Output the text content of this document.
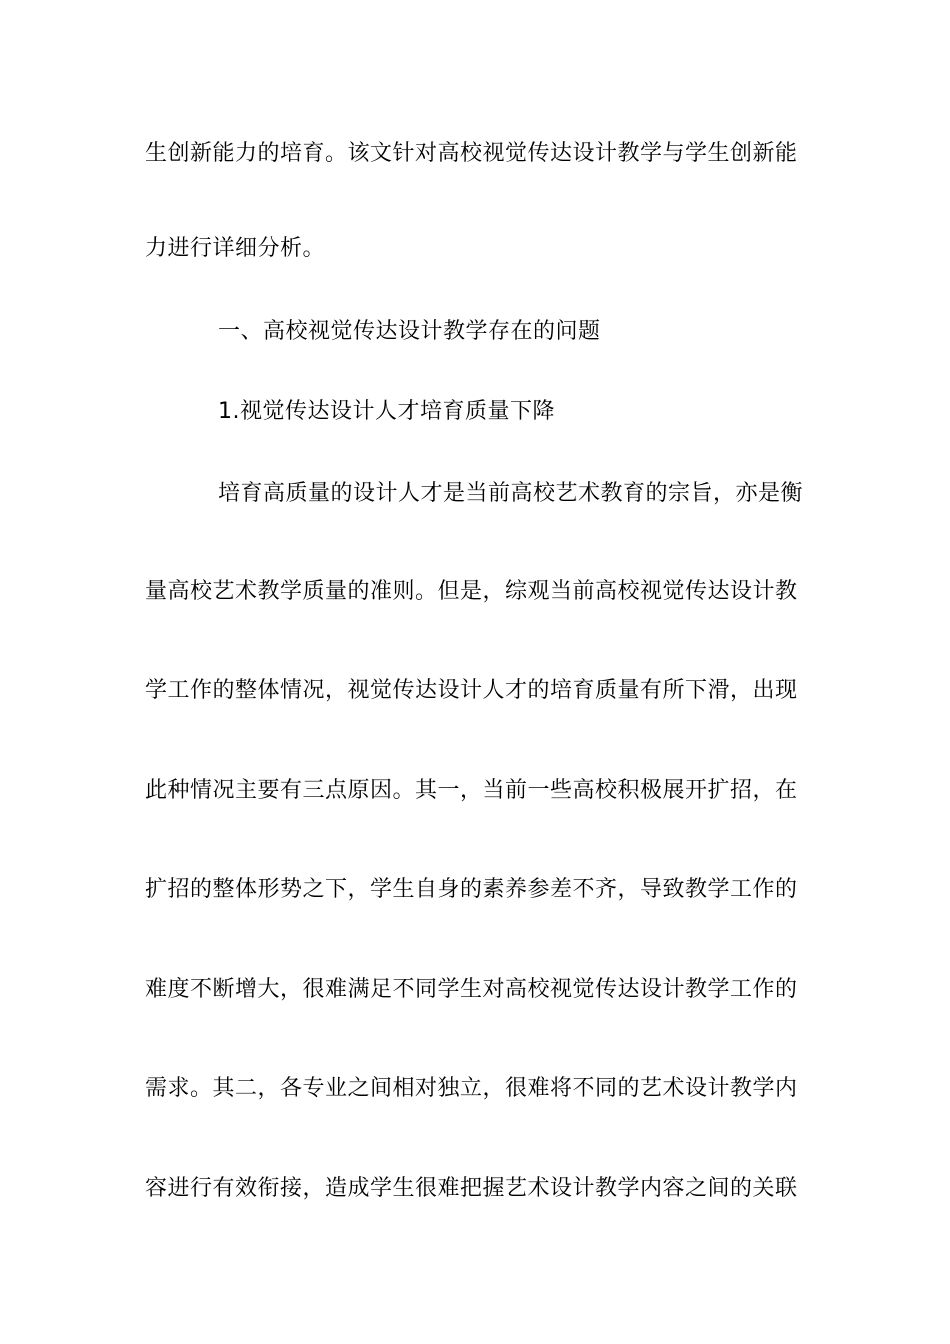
生创新能力的培育。该文针对高校视觉传达设计教学与学生创新能
力进行详细分析。
一、高校视觉传达设计教学存在的问题
1.视觉传达设计人才培育质量下降
培育高质量的设计人才是当前高校艺术教育的宗旨，亦是衡
量高校艺术教学质量的准则。但是，综观当前高校视觉传达设计教
学工作的整体情况，视觉传达设计人才的培育质量有所下滑，出现
此种情况主要有三点原因。其一，当前一些高校积极展开扩招，在
扩招的整体形势之下，学生自身的素养参差不齐，导致教学工作的
难度不断增大，很难满足不同学生对高校视觉传达设计教学工作的
需求。其二，各专业之间相对独立，很难将不同的艺术设计教学内
容进行有效衔接，造成学生很难把握艺术设计教学内容之间的关联
